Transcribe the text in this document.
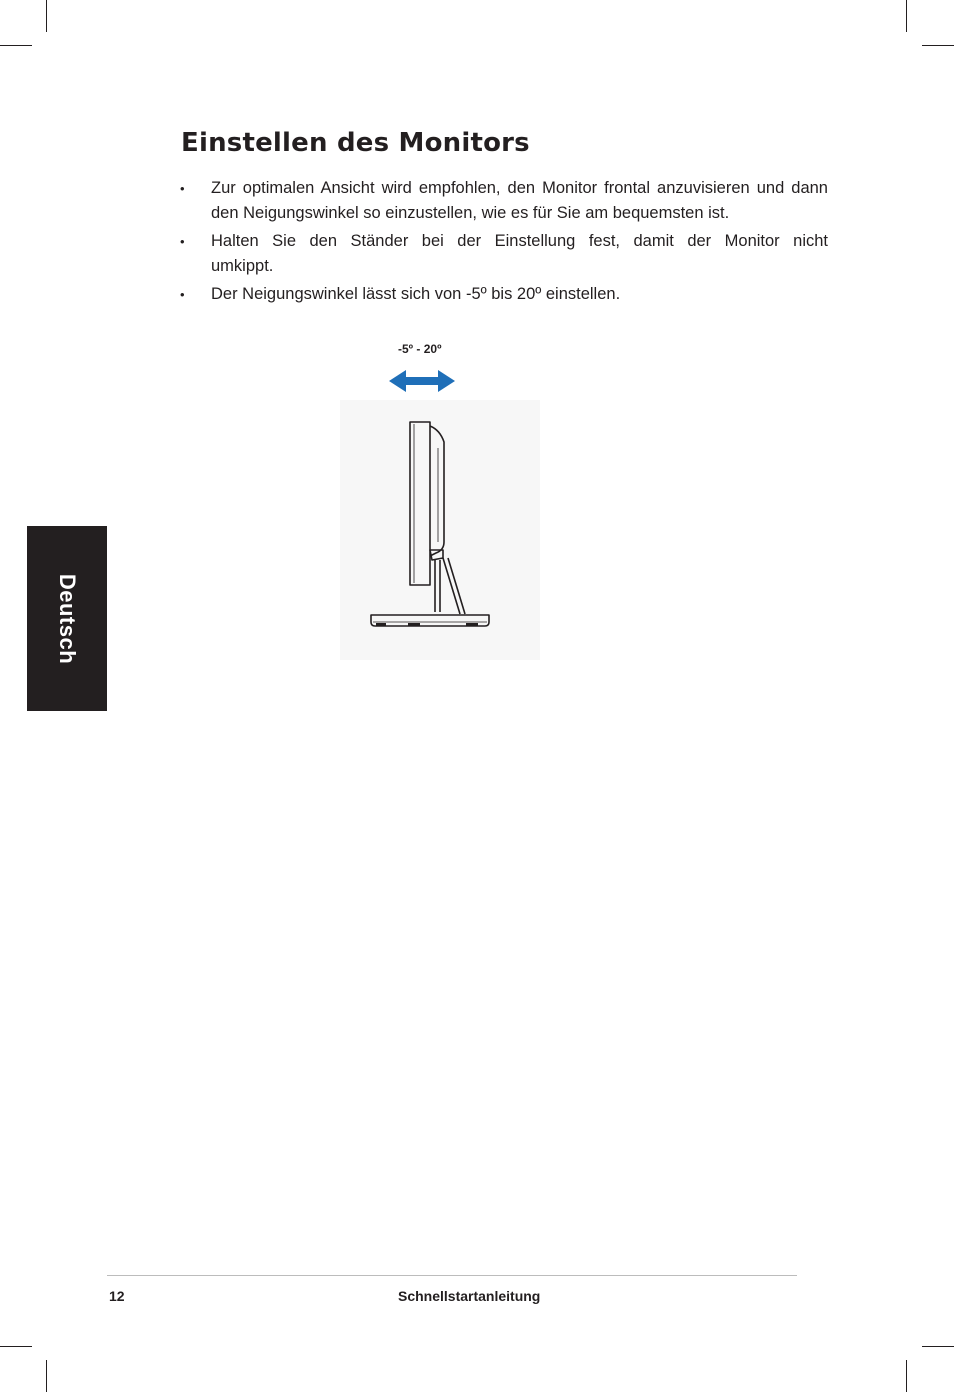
Einstellen des Monitors
• Zur optimalen Ansicht wird empfohlen, den Monitor frontal anzuvisieren und dann den Neigungswinkel so einzustellen, wie es für Sie am bequemsten ist.
• Halten Sie den Ständer bei der Einstellung fest, damit der Monitor nicht umkippt.
• Der Neigungswinkel lässt sich von -5º bis 20º einstellen.
-5º - 20º
Deutsch
12	Schnellstartanleitung
